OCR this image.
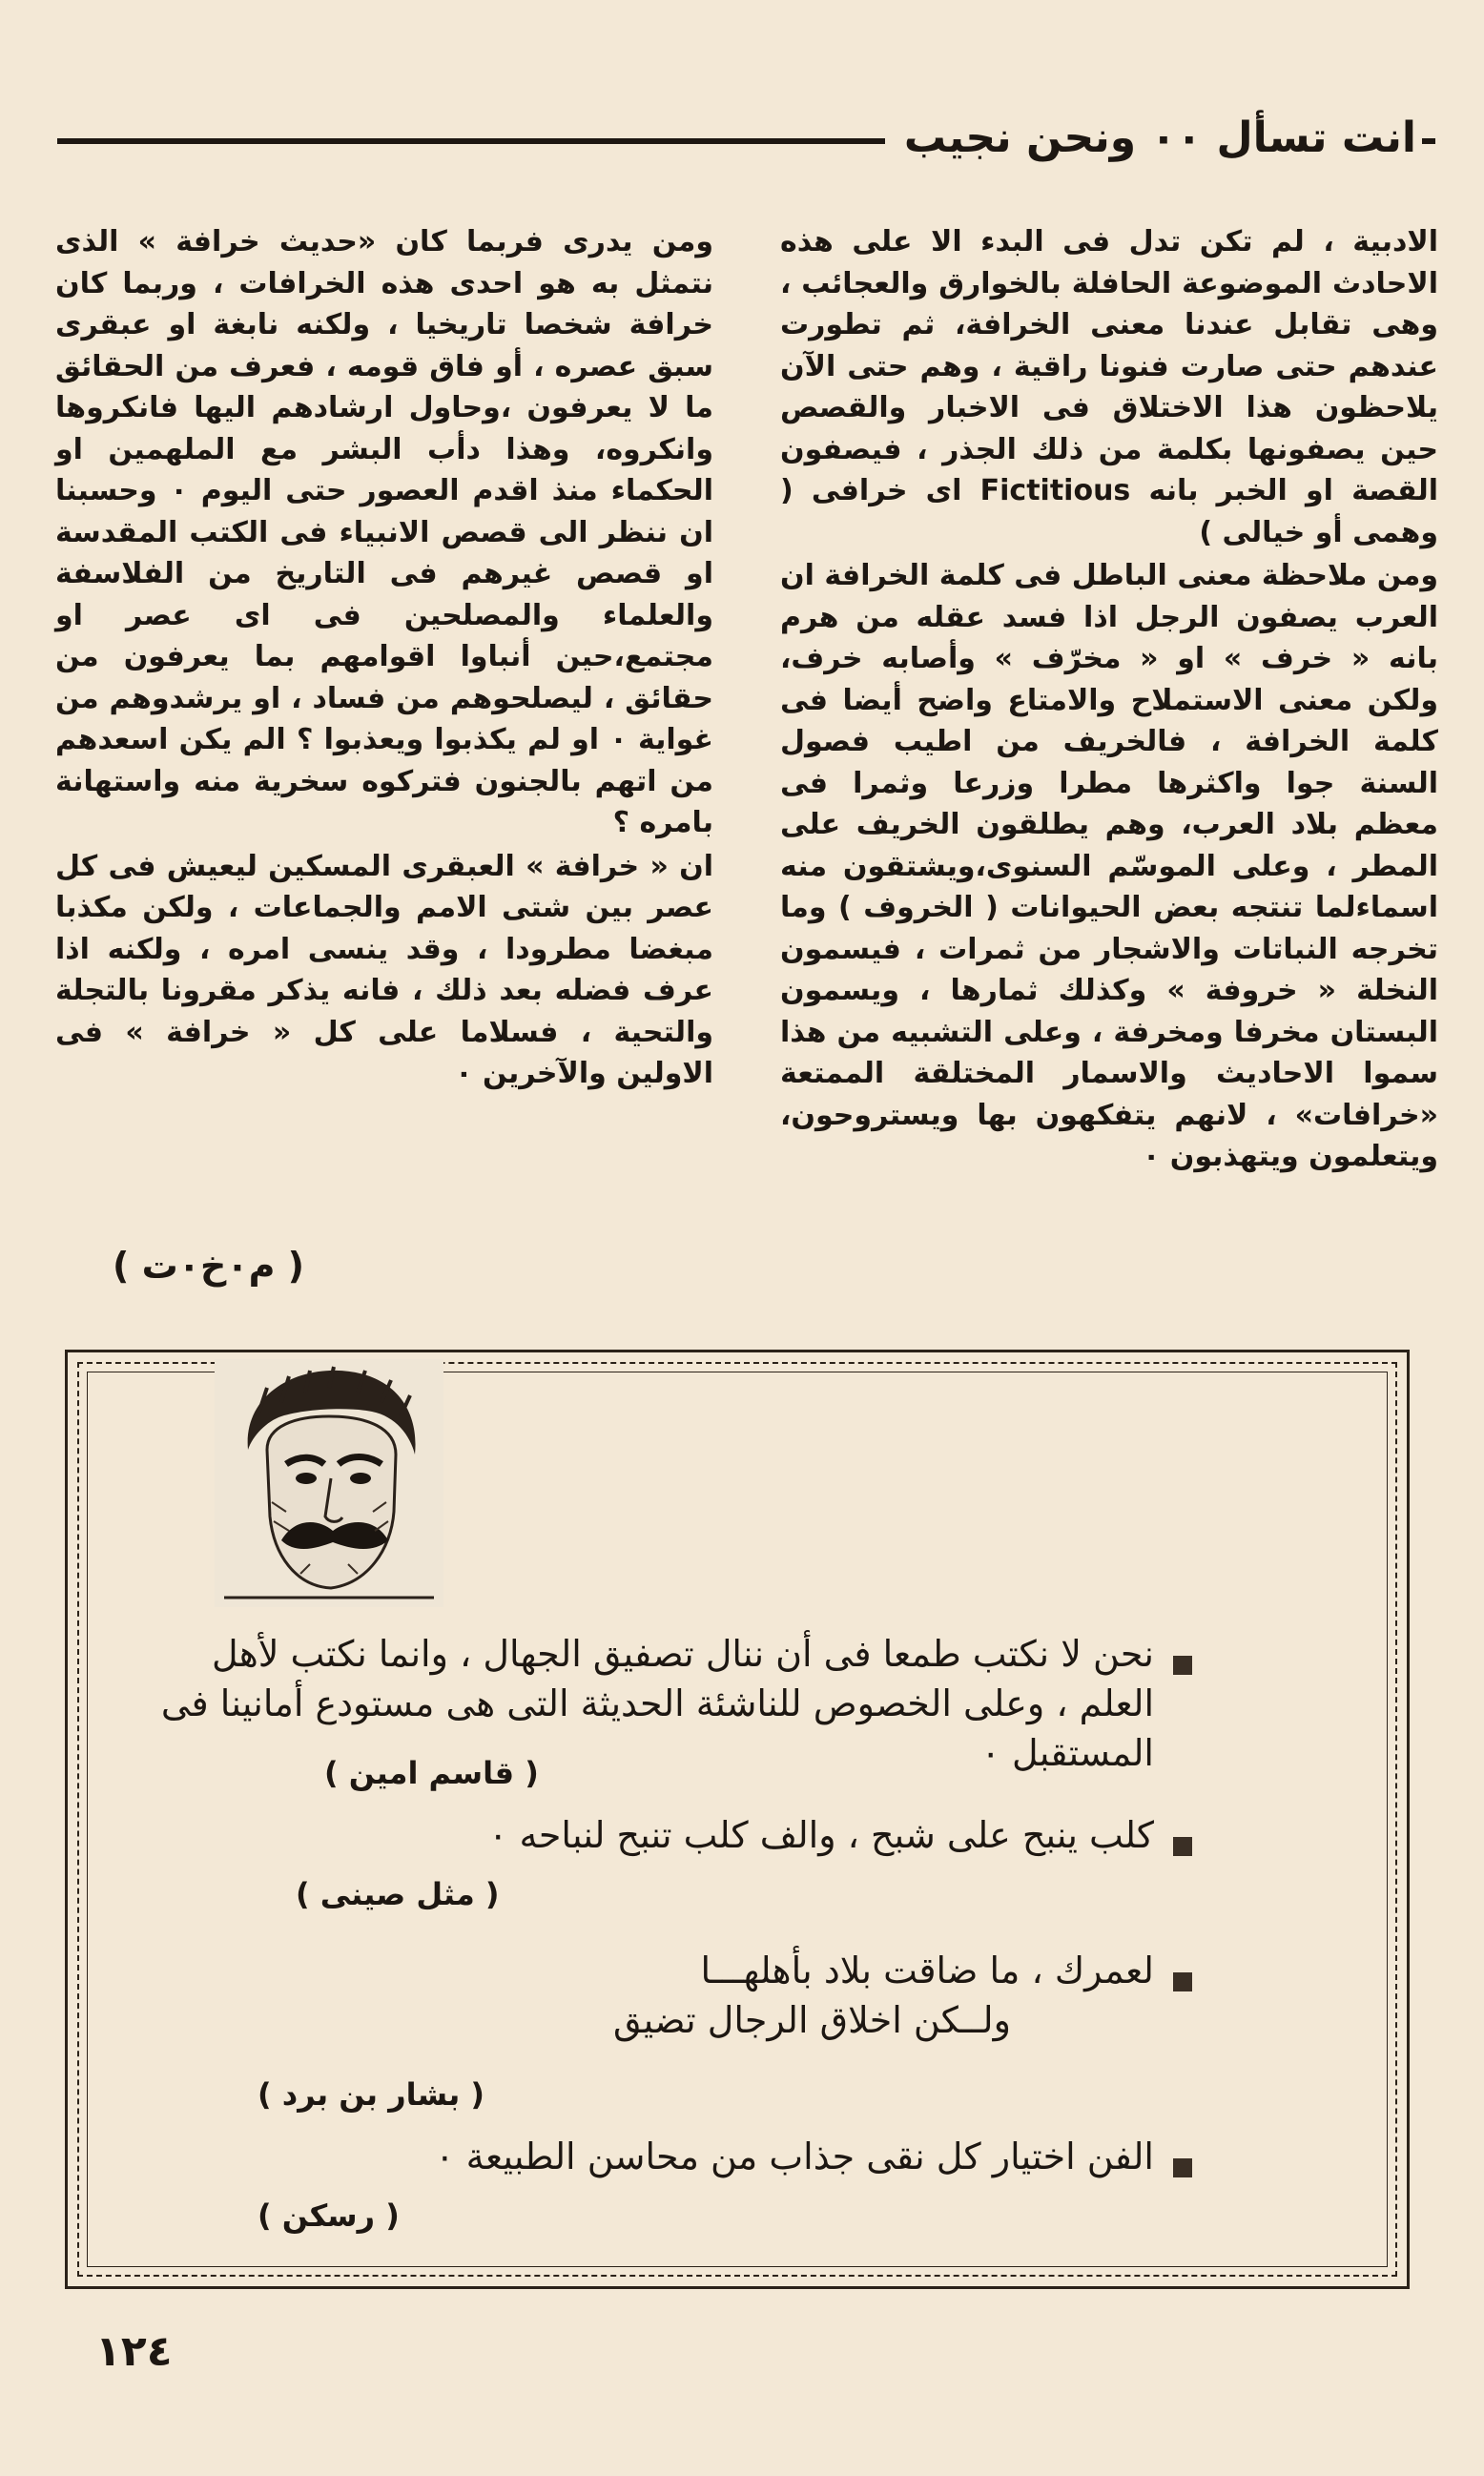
انت تسأل ٠٠ ونحن نجيب

الادبية ، لم تكن تدل فى البدء الا على هذه الاحادث الموضوعة الحافلة بالخوارق والعجائب ، وهى تقابل عندنا معنى الخرافة، ثم تطورت عندهم حتى صارت فنونا راقية ، وهم حتى الآن يلاحظون هذا الاختلاق فى الاخبار والقصص حين يصفونها بكلمة من ذلك الجذر ، فيصفون القصة او الخبر بانه Fictitious اى خرافى ( وهمى أو خيالى )

ومن ملاحظة معنى الباطل فى كلمة الخرافة ان العرب يصفون الرجل اذا فسد عقله من هرم بانه « خرف » او « مخرّف » وأصابه خرف، ولكن معنى الاستملاح والامتاع واضح أيضا فى كلمة الخرافة ، فالخريف من اطيب فصول السنة جوا واكثرها مطرا وزرعا وثمرا فى معظم بلاد العرب، وهم يطلقون الخريف على المطر ، وعلى الموسّم السنوى،ويشتقون منه اسماءلما تنتجه بعض الحيوانات ( الخروف ) وما تخرجه النباتات والاشجار من ثمرات ، فيسمون النخلة « خروفة » وكذلك ثمارها ، ويسمون البستان مخرفا ومخرفة ، وعلى التشبيه من هذا سموا الاحاديث والاسمار المختلقة الممتعة «خرافات» ، لانهم يتفكهون بها ويستروحون، ويتعلمون ويتهذبون ٠

ومن يدرى فربما كان «حديث خرافة » الذى نتمثل به هو احدى هذه الخرافات ، وربما كان خرافة شخصا تاريخيا ، ولكنه نابغة او عبقرى سبق عصره ، أو فاق قومه ، فعرف من الحقائق ما لا يعرفون ،وحاول ارشادهم اليها فانكروها وانكروه، وهذا دأب البشر مع الملهمين او الحكماء منذ اقدم العصور حتى اليوم ٠ وحسبنا ان ننظر الى قصص الانبياء فى الكتب المقدسة او قصص غيرهم فى التاريخ من الفلاسفة والعلماء والمصلحين فى اى عصر او مجتمع،حين أنباوا اقوامهم بما يعرفون من حقائق ، ليصلحوهم من فساد ، او يرشدوهم من غواية ٠ او لم يكذبوا ويعذبوا ؟ الم يكن اسعدهم من اتهم بالجنون فتركوه سخرية منه واستهانة بامره ؟

ان « خرافة » العبقرى المسكين ليعيش فى كل عصر بين شتى الامم والجماعات ، ولكن مكذبا مبغضا مطرودا ، وقد ينسى امره ، ولكنه اذا عرف فضله بعد ذلك ، فانه يذكر مقرونا بالتجلة والتحية ، فسلاما على كل « خرافة » فى الاولين والآخرين ٠

( م٠خ٠ت )

نحن لا نكتب طمعا فى أن ننال تصفيق الجهال ، وانما نكتب لأهل العلم ، وعلى الخصوص للناشئة الحديثة التى هى مستودع أمانينا فى المستقبل ٠

( قاسم امين )

كلب ينبح على شبح ، والف كلب تنبح لنباحه ٠

( مثل صينى )

لعمرك ، ما ضاقت بلاد بأهلهـــا

ولــكن اخلاق الرجال تضيق

( بشار بن برد )

الفن اختيار كل نقى جذاب من محاسن الطبيعة ٠

( رسكن )
١٢٤
